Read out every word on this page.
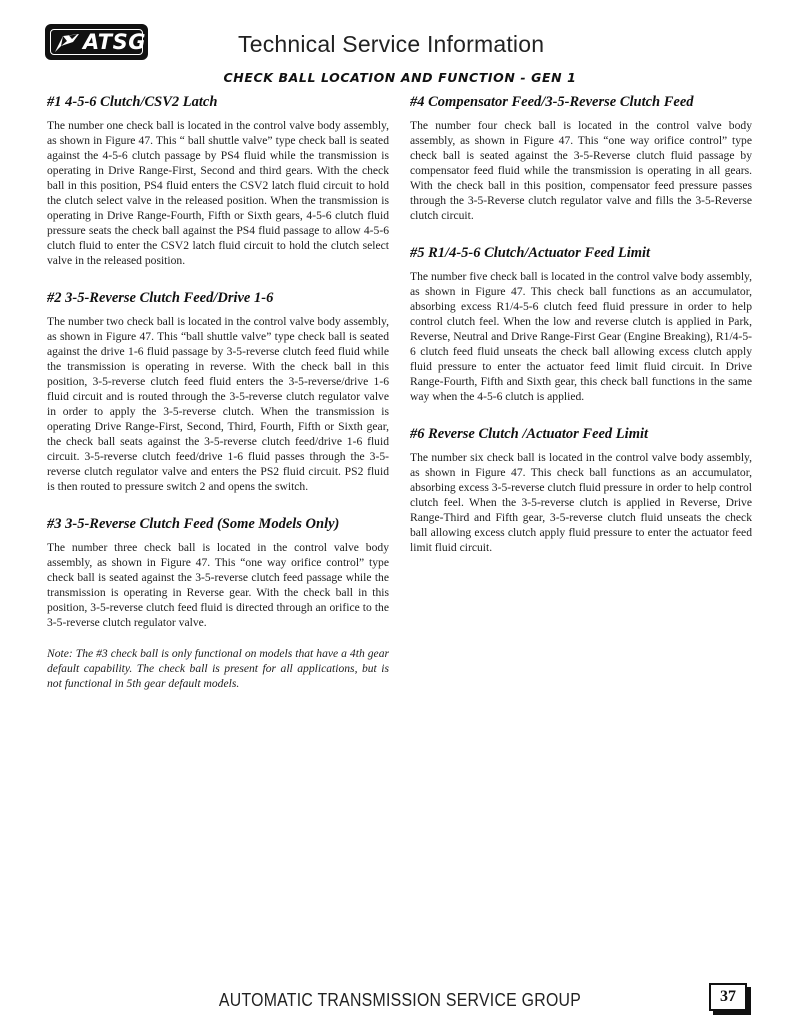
ATSG	Technical Service Information
CHECK BALL LOCATION AND FUNCTION - GEN 1
#1 4-5-6 Clutch/CSV2 Latch

The number one check ball is located in the control valve body assembly, as shown in Figure 47. This “ ball shuttle valve” type check ball is seated against the 4-5-6 clutch passage by PS4 fluid while the transmission is operating in Drive Range-First, Second and third gears. With the check ball in this position, PS4 fluid enters the CSV2 latch fluid circuit to hold the clutch select valve in the released position. When the transmission is operating in Drive Range-Fourth, Fifth or Sixth gears, 4-5-6 clutch fluid pressure seats the check ball against the PS4 fluid passage to allow 4-5-6 clutch fluid to enter the CSV2 latch fluid circuit to hold the clutch select valve in the released position.

#2 3-5-Reverse Clutch Feed/Drive 1-6

The number two check ball is located in the control valve body assembly, as shown in Figure 47. This “ball shuttle valve” type check ball is seated against the drive 1-6 fluid passage by 3-5-reverse clutch feed fluid while the transmission is operating in reverse. With the check ball in this position, 3-5-reverse clutch feed fluid enters the 3-5-reverse/drive 1-6 fluid circuit and is routed through the 3-5-reverse clutch regulator valve in order to apply the 3-5-reverse clutch. When the transmission is operating Drive Range-First, Second, Third, Fourth, Fifth or Sixth gear, the check ball seats against the 3-5-reverse clutch feed/drive 1-6 fluid circuit. 3-5-reverse clutch feed/drive 1-6 fluid passes through the 3-5-reverse clutch regulator valve and enters the PS2 fluid circuit. PS2 fluid is then routed to pressure switch 2 and opens the switch.

#3 3-5-Reverse Clutch Feed (Some Models Only)

The number three check ball is located in the control valve body assembly, as shown in Figure 47. This “one way orifice control” type check ball is seated against the 3-5-reverse clutch feed passage while the transmission is operating in Reverse gear. With the check ball in this position, 3-5-reverse clutch feed fluid is directed through an orifice to the 3-5-reverse clutch regulator valve.

Note: The #3 check ball is only functional on models that have a 4th gear default capability. The check ball is present for all applications, but is not functional in 5th gear default models.

#4 Compensator Feed/3-5-Reverse Clutch Feed

The number four check ball is located in the control valve body assembly, as shown in Figure 47. This “one way orifice control” type check ball is seated against the 3-5-Reverse clutch fluid passage by compensator feed fluid while the transmission is operating in all gears. With the check ball in this position, compensator feed pressure passes through the 3-5-Reverse clutch regulator valve and fills the 3-5-Reverse clutch circuit.

#5 R1/4-5-6 Clutch/Actuator Feed Limit

The number five check ball is located in the control valve body assembly, as shown in Figure 47. This check ball functions as an accumulator, absorbing excess R1/4-5-6 clutch feed fluid pressure in order to help control clutch feel. When the low and reverse clutch is applied in Park, Reverse, Neutral and Drive Range-First Gear (Engine Breaking), R1/4-5-6 clutch feed fluid unseats the check ball allowing excess clutch apply fluid pressure to enter the actuator feed limit fluid circuit. In Drive Range-Fourth, Fifth and Sixth gear, this check ball functions in the same way when the 4-5-6 clutch is applied.

#6 Reverse Clutch /Actuator Feed Limit

The number six check ball is located in the control valve body assembly, as shown in Figure 47. This check ball functions as an accumulator, absorbing excess 3-5-reverse clutch fluid pressure in order to help control clutch feel. When the 3-5-reverse clutch is applied in Reverse, Drive Range-Third and Fifth gear, 3-5-reverse clutch fluid unseats the check ball allowing excess clutch apply fluid pressure to enter the actuator feed limit fluid circuit.

AUTOMATIC TRANSMISSION SERVICE GROUP	37
